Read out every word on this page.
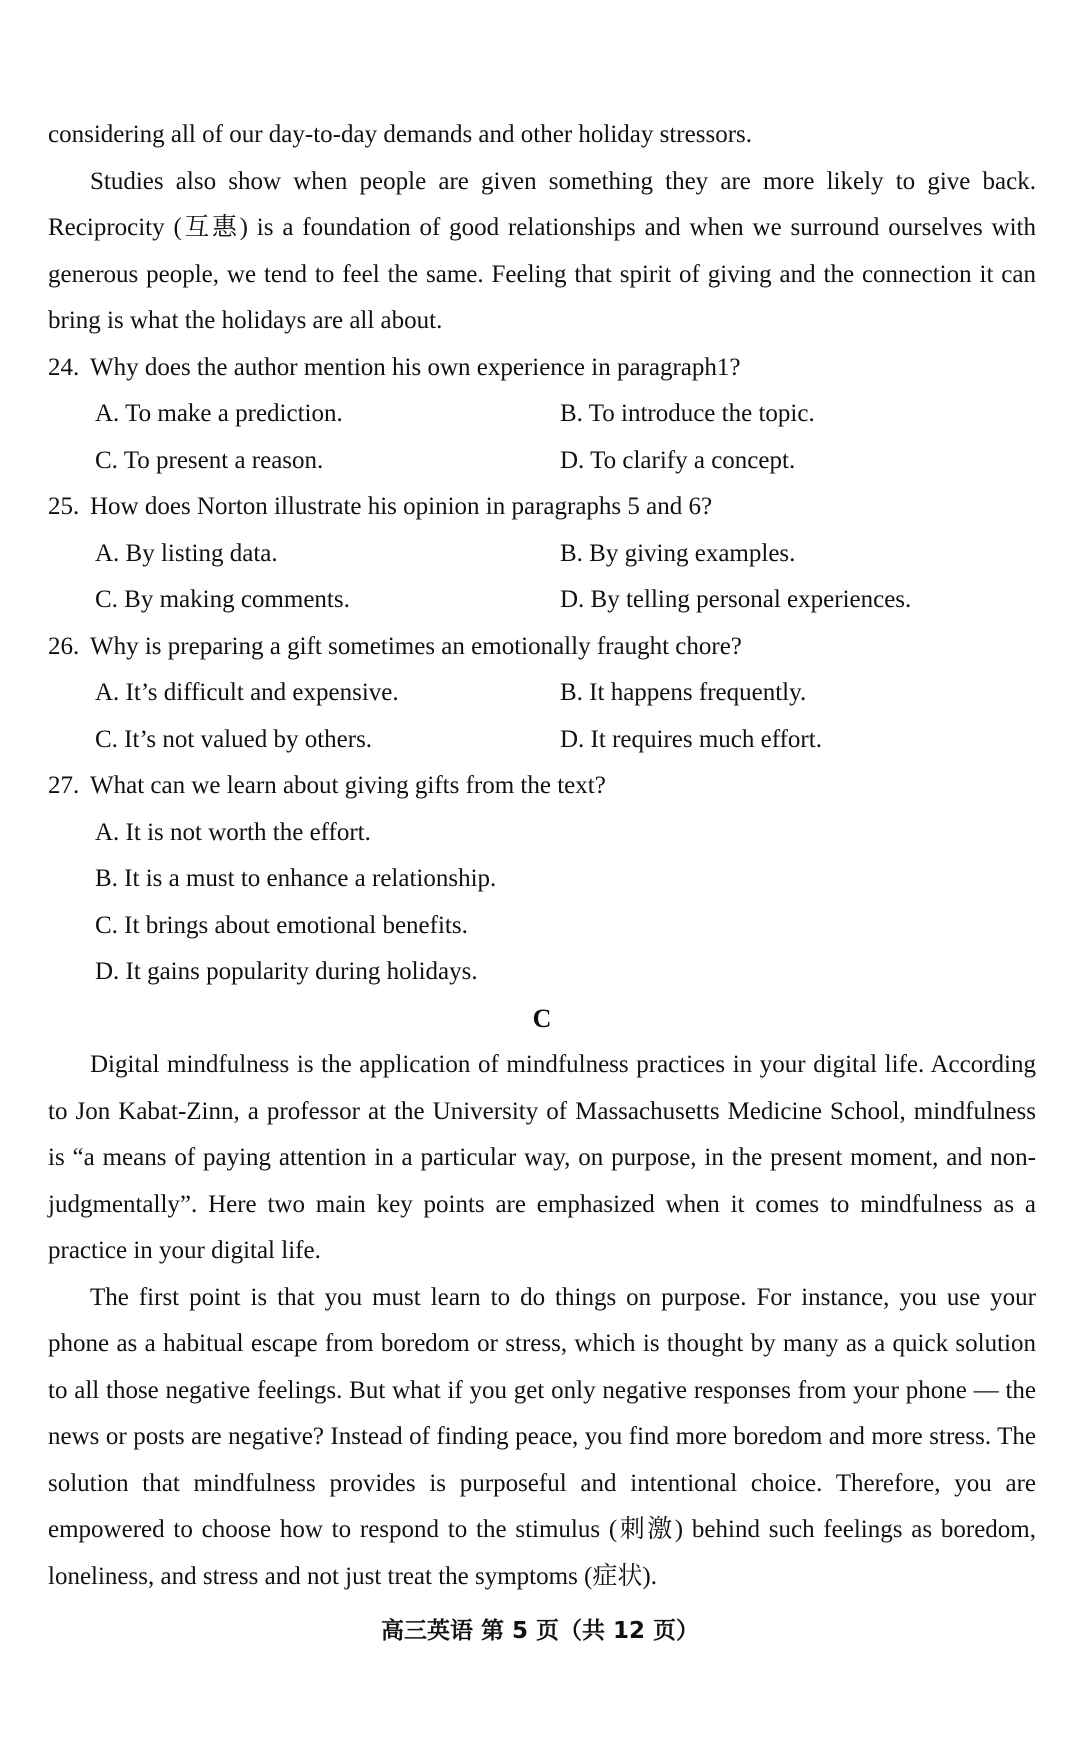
considering all of our day-to-day demands and other holiday stressors.

Studies also show when people are given something they are more likely to give back. Reciprocity (互惠) is a foundation of good relationships and when we surround ourselves with generous people, we tend to feel the same. Feeling that spirit of giving and the connection it can bring is what the holidays are all about.

24. Why does the author mention his own experience in paragraph1?

A. To make a prediction.	B. To introduce the topic.
C. To present a reason.	D. To clarify a concept.

25. How does Norton illustrate his opinion in paragraphs 5 and 6?

A. By listing data.	B. By giving examples.
C. By making comments.	D. By telling personal experiences.

26. Why is preparing a gift sometimes an emotionally fraught chore?

A. It’s difficult and expensive.	B. It happens frequently.
C. It’s not valued by others.	D. It requires much effort.

27. What can we learn about giving gifts from the text?

A. It is not worth the effort.
B. It is a must to enhance a relationship.
C. It brings about emotional benefits.
D. It gains popularity during holidays.

C

Digital mindfulness is the application of mindfulness practices in your digital life. According to Jon Kabat-Zinn, a professor at the University of Massachusetts Medicine School, mindfulness is “a means of paying attention in a particular way, on purpose, in the present moment, and non-judgmentally”. Here two main key points are emphasized when it comes to mindfulness as a practice in your digital life.

The first point is that you must learn to do things on purpose. For instance, you use your phone as a habitual escape from boredom or stress, which is thought by many as a quick solution to all those negative feelings. But what if you get only negative responses from your phone — the news or posts are negative? Instead of finding peace, you find more boredom and more stress. The solution that mindfulness provides is purposeful and intentional choice. Therefore, you are empowered to choose how to respond to the stimulus (刺激) behind such feelings as boredom, loneliness, and stress and not just treat the symptoms (症状).

高三英语 第 5 页（共 12 页）
